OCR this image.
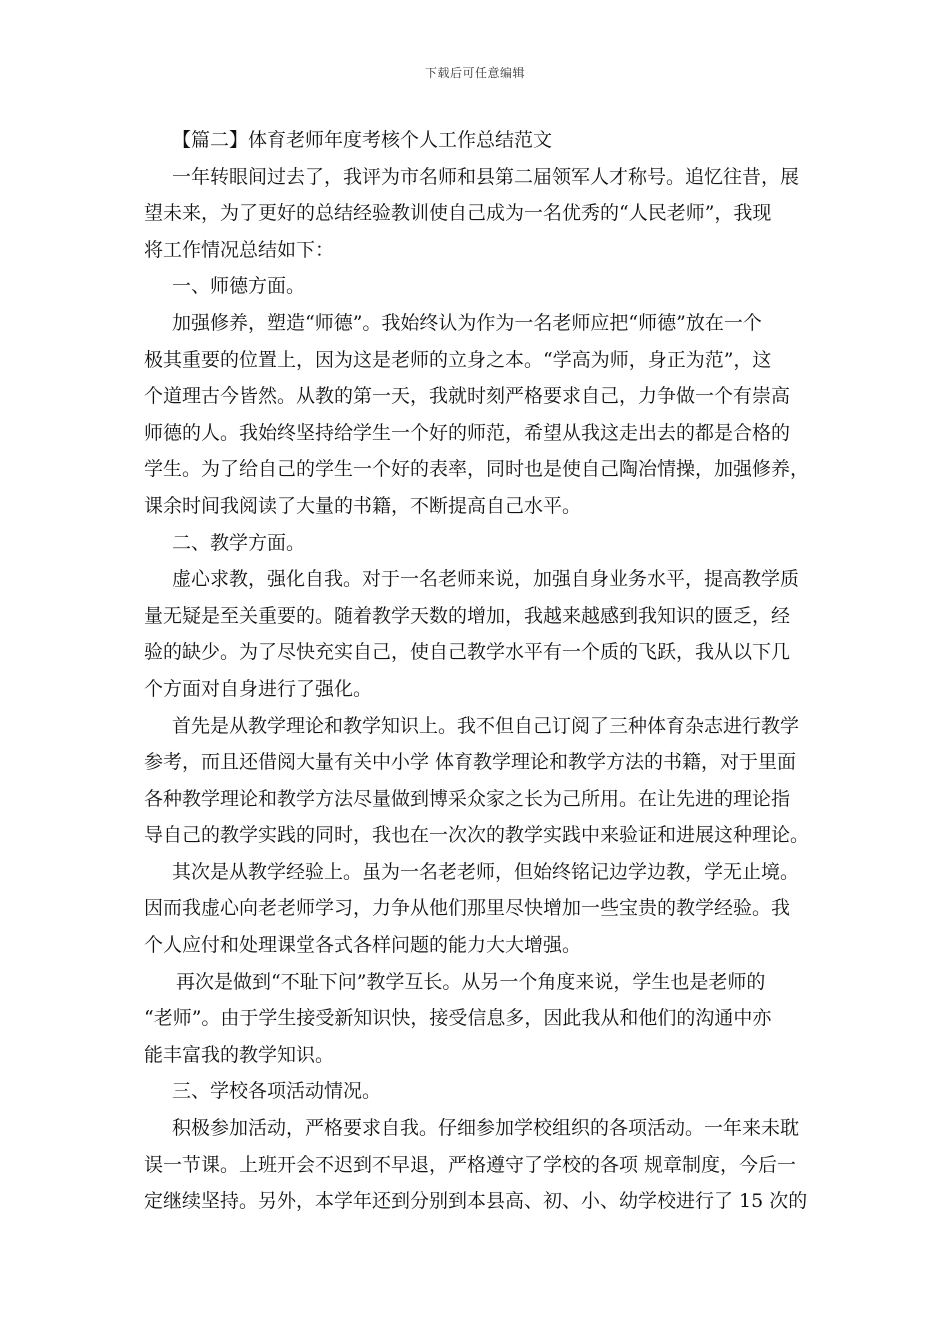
下载后可任意编辑
【篇二】体育老师年度考核个人工作总结范文
一年转眼间过去了，我评为市名师和县第二届领军人才称号。追忆往昔，展
望未来，为了更好的总结经验教训使自己成为一名优秀的“人民老师”，我现
将工作情况总结如下：
一、师德方面。
加强修养，塑造“师德”。我始终认为作为一名老师应把“师德”放在一个
极其重要的位置上，因为这是老师的立身之本。“学高为师，身正为范”，这
个道理古今皆然。从教的第一天，我就时刻严格要求自己，力争做一个有崇高
师德的人。我始终坚持给学生一个好的师范，希望从我这走出去的都是合格的
学生。为了给自己的学生一个好的表率，同时也是使自己陶冶情操，加强修养，
课余时间我阅读了大量的书籍，不断提高自己水平。
二、教学方面。
虚心求教，强化自我。对于一名老师来说，加强自身业务水平，提高教学质
量无疑是至关重要的。随着教学天数的增加，我越来越感到我知识的匮乏，经
验的缺少。为了尽快充实自己，使自己教学水平有一个质的飞跃，我从以下几
个方面对自身进行了强化。
首先是从教学理论和教学知识上。我不但自己订阅了三种体育杂志进行教学
参考，而且还借阅大量有关中小学 体育教学理论和教学方法的书籍，对于里面
各种教学理论和教学方法尽量做到博采众家之长为己所用。在让先进的理论指
导自己的教学实践的同时，我也在一次次的教学实践中来验证和进展这种理论。
其次是从教学经验上。虽为一名老老师，但始终铭记边学边教，学无止境。
因而我虚心向老老师学习，力争从他们那里尽快增加一些宝贵的教学经验。我
个人应付和处理课堂各式各样问题的能力大大增强。
再次是做到“不耻下问”教学互长。从另一个角度来说，学生也是老师的
“老师”。由于学生接受新知识快，接受信息多，因此我从和他们的沟通中亦
能丰富我的教学知识。
三、学校各项活动情况。
积极参加活动，严格要求自我。仔细参加学校组织的各项活动。一年来未耽
误一节课。上班开会不迟到不早退，严格遵守了学校的各项 规章制度，今后一
定继续坚持。另外，本学年还到分别到本县高、初、小、幼学校进行了 15 次的
